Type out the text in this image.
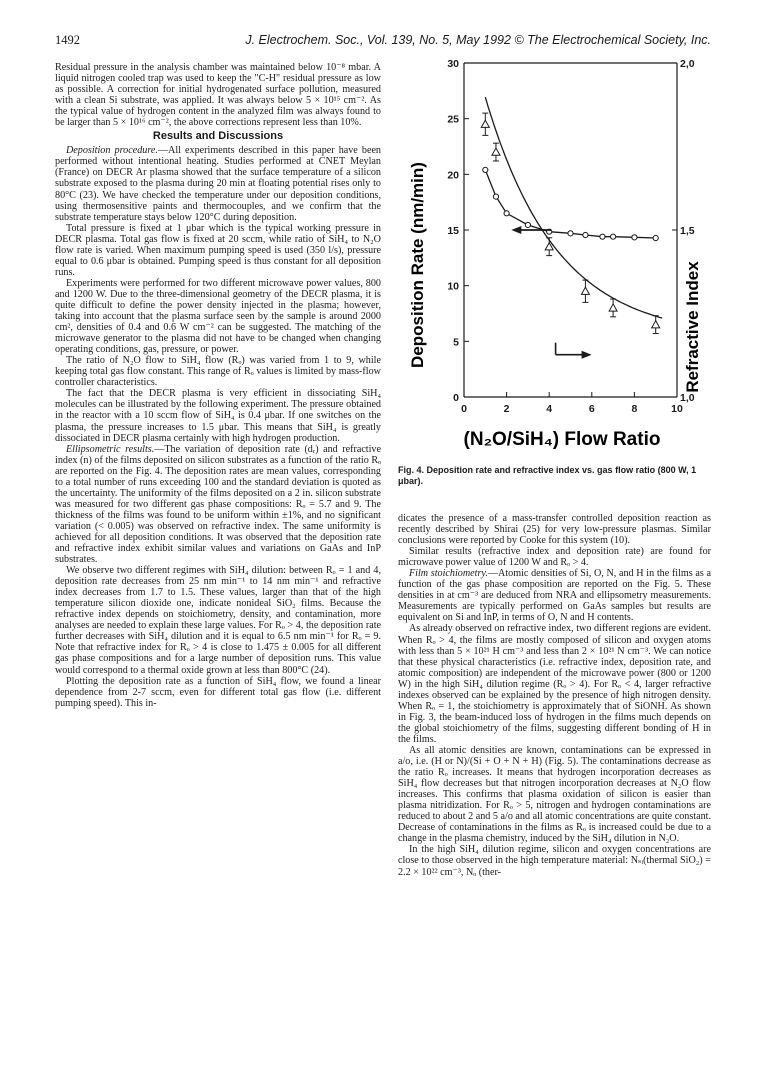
1492	J. Electrochem. Soc., Vol. 139, No. 5, May 1992 © The Electrochemical Society, Inc.

Residual pressure in the analysis chamber was maintained below 10⁻⁸ mbar. A liquid nitrogen cooled trap was used to keep the "C-H" residual pressure as low as possible. A correction for initial hydrogenated surface pollution, measured with a clean Si substrate, was applied. It was always below 5 × 10¹⁵ cm⁻². As the typical value of hydrogen content in the analyzed film was always found to be larger than 5 × 10¹⁶ cm⁻², the above corrections represent less than 10%.

Results and Discussions

Deposition procedure.—All experiments described in this paper have been performed without intentional heating. Studies performed at CNET Meylan (France) on DECR Ar plasma showed that the surface temperature of a silicon substrate exposed to the plasma during 20 min at floating potential rises only to 80°C (23). We have checked the temperature under our deposition conditions, using thermosensitive paints and thermocouples, and we confirm that the substrate temperature stays below 120°C during deposition.

Total pressure is fixed at 1 μbar which is the typical working pressure in DECR plasma. Total gas flow is fixed at 20 sccm, while ratio of SiH₄ to N₂O flow rate is varied. When maximum pumping speed is used (350 l/s), pressure equal to 0.6 μbar is obtained. Pumping speed is thus constant for all deposition runs.

Experiments were performed for two different microwave power values, 800 and 1200 W. Due to the three-dimensional geometry of the DECR plasma, it is quite difficult to define the power density injected in the plasma; however, taking into account that the plasma surface seen by the sample is around 2000 cm², densities of 0.4 and 0.6 W cm⁻² can be suggested. The matching of the microwave generator to the plasma did not have to be changed when changing operating conditions, gas, pressure, or power.

The ratio of N₂O flow to SiH₄ flow (Rₒ) was varied from 1 to 9, while keeping total gas flow constant. This range of Rₒ values is limited by mass-flow controller characteristics.

The fact that the DECR plasma is very efficient in dissociating SiH₄ molecules can be illustrated by the following experiment. The pressure obtained in the reactor with a 10 sccm flow of SiH₄ is 0.4 μbar. If one switches on the plasma, the pressure increases to 1.5 μbar. This means that SiH₄ is greatly dissociated in DECR plasma certainly with high hydrogen production.

Ellipsometric results.—The variation of deposition rate (dᵣ) and refractive index (n) of the films deposited on silicon substrates as a function of the ratio Rₒ are reported on the Fig. 4. The deposition rates are mean values, corresponding to a total number of runs exceeding 100 and the standard deviation is quoted as the uncertainty. The uniformity of the films deposited on a 2 in. silicon substrate was measured for two different gas phase compositions: Rₒ = 5.7 and 9. The thickness of the films was found to be uniform within ±1%, and no significant variation (< 0.005) was observed on refractive index. The same uniformity is achieved for all deposition conditions. It was observed that the deposition rate and refractive index exhibit similar values and variations on GaAs and InP substrates.

We observe two different regimes with SiH₄ dilution: between Rₒ = 1 and 4, deposition rate decreases from 25 nm min⁻¹ to 14 nm min⁻¹ and refractive index decreases from 1.7 to 1.5. These values, larger than that of the high temperature silicon dioxide one, indicate nonideal SiO₂ films. Because the refractive index depends on stoichiometry, density, and contamination, more analyses are needed to explain these large values. For Rₒ > 4, the deposition rate further decreases with SiH₄ dilution and it is equal to 6.5 nm min⁻¹ for Rₒ = 9. Note that refractive index for Rₒ > 4 is close to 1.475 ± 0.005 for all different gas phase compositions and for a large number of deposition runs. This value would correspond to a thermal oxide grown at less than 800°C (24).

Plotting the deposition rate as a function of SiH₄ flow, we found a linear dependence from 2-7 sccm, even for different total gas flow (i.e. different pumping speed). This in-

0	2	4	6	8	10
0
5
10
15
20
25
30
1,0
1,5
2,0
Deposition Rate (nm/min)	Refractive Index
(N₂O/SiH₄) Flow Ratio
Fig. 4. Deposition rate and refractive index vs. gas flow ratio (800 W, 1 μbar).

dicates the presence of a mass-transfer controlled deposition reaction as recently described by Shirai (25) for very low-pressure plasmas. Similar conclusions were reported by Cooke for this system (10).

Similar results (refractive index and deposition rate) are found for microwave power value of 1200 W and Rₒ > 4.

Film stoichiometry.—Atomic densities of Si, O, N, and H in the films as a function of the gas phase composition are reported on the Fig. 5. These densities in at cm⁻³ are deduced from NRA and ellipsometry measurements. Measurements are typically performed on GaAs samples but results are equivalent on Si and InP, in terms of O, N and H contents.

As already observed on refractive index, two different regions are evident. When Rₒ > 4, the films are mostly composed of silicon and oxygen atoms with less than 5 × 10²¹ H cm⁻³ and less than 2 × 10²¹ N cm⁻³. We can notice that these physical characteristics (i.e. refractive index, deposition rate, and atomic composition) are independent of the microwave power (800 or 1200 W) in the high SiH₄ dilution regime (Rₒ > 4). For Rₒ < 4, larger refractive indexes observed can be explained by the presence of high nitrogen density. When Rₒ = 1, the stoichiometry is approximately that of SiONH. As shown in Fig. 3, the beam-induced loss of hydrogen in the films much depends on the global stoichiometry of the films, suggesting different bonding of H in the films.

As all atomic densities are known, contaminations can be expressed in a/o, i.e. (H or N)/(Si + O + N + H) (Fig. 5). The contaminations decrease as the ratio Rₒ increases. It means that hydrogen incorporation decreases as SiH₄ flow decreases but that nitrogen incorporation decreases at N₂O flow increases. This confirms that plasma oxidation of silicon is easier than plasma nitridization. For Rₒ > 5, nitrogen and hydrogen contaminations are reduced to about 2 and 5 a/o and all atomic concentrations are quite constant. Decrease of contaminations in the films as Rₒ is increased could be due to a change in the plasma chemistry, induced by the SiH₄ dilution in N₂O.

In the high SiH₄ dilution regime, silicon and oxygen concentrations are close to those observed in the high temperature material: Nₛᵢ(thermal SiO₂) = 2.2 × 10²² cm⁻³, Nₒ (ther-
